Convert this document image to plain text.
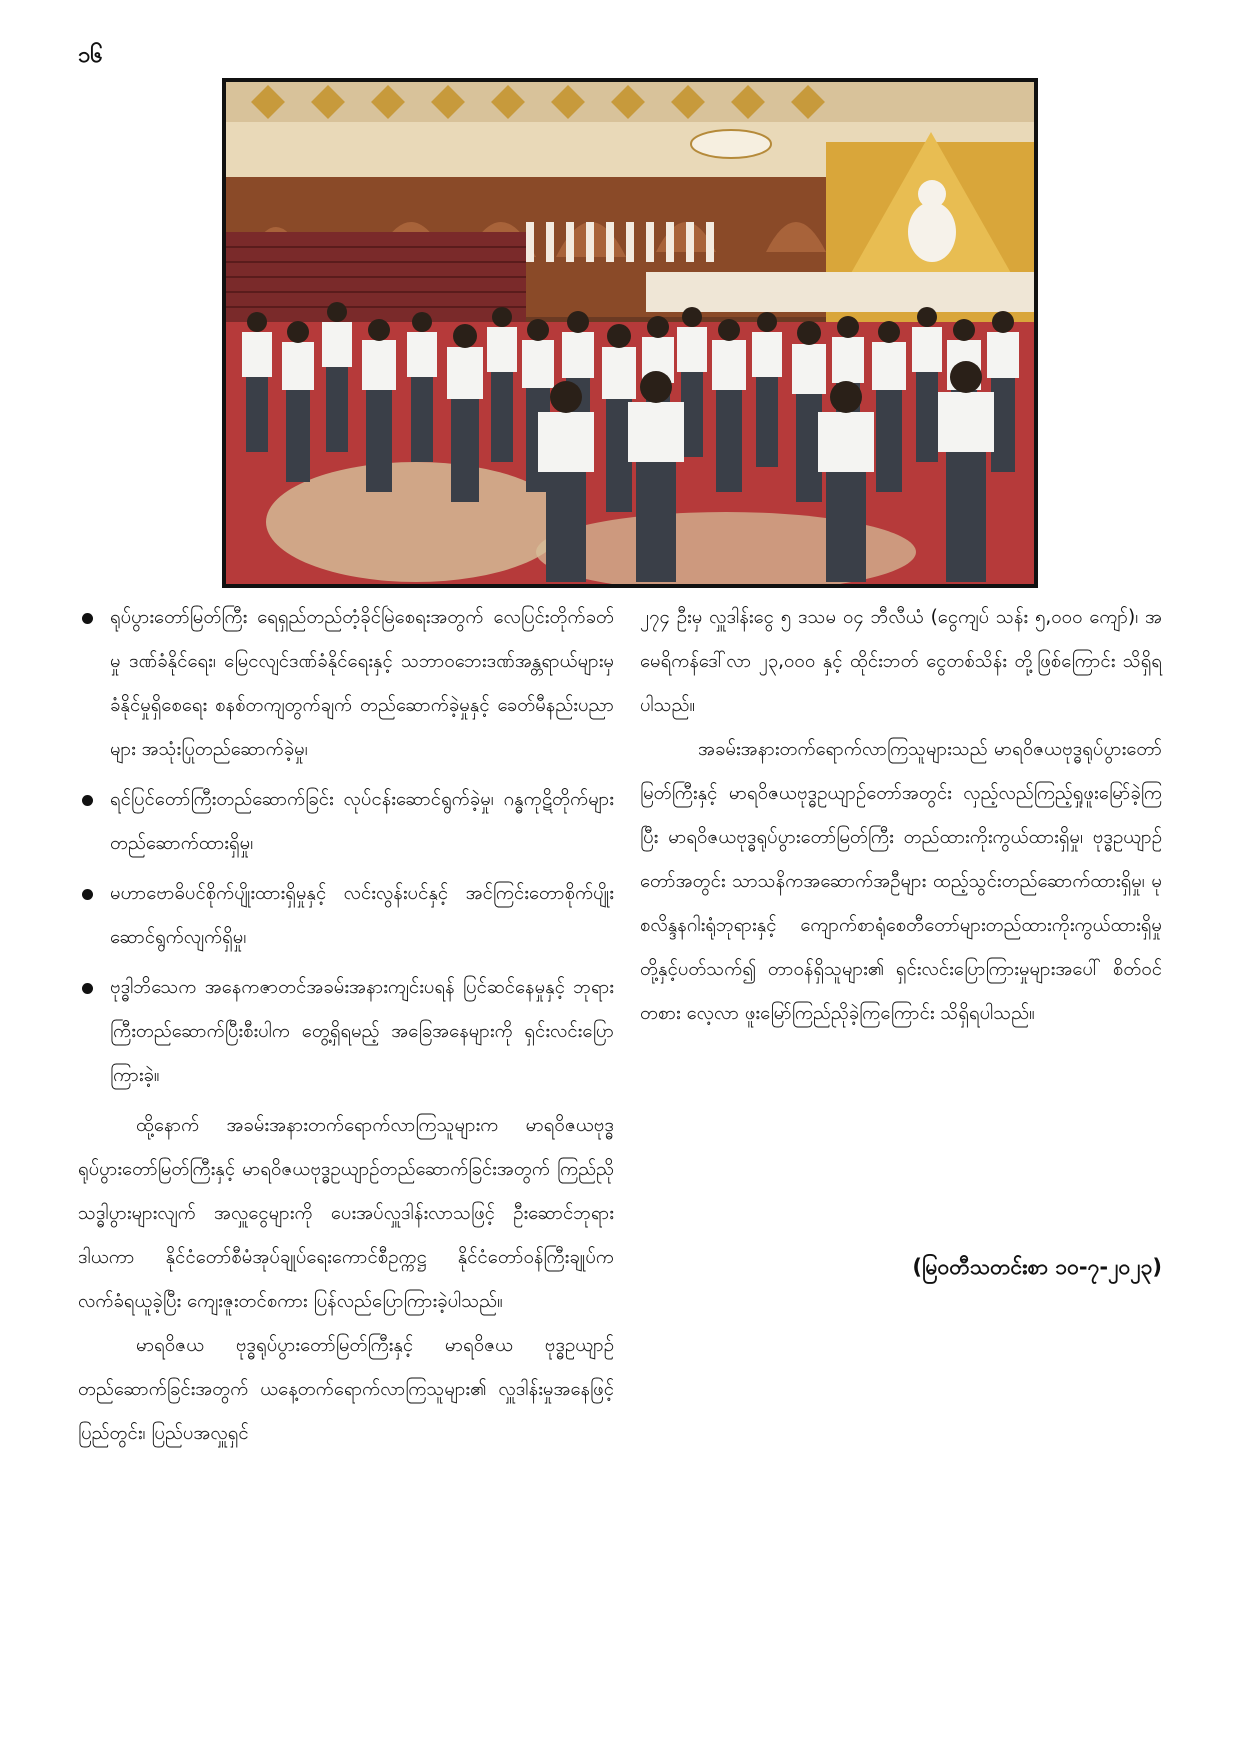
၁၆
ရုပ်ပွားတော်မြတ်ကြီး ရေရှည်တည်တံ့ခိုင်မြဲစေရးအတွက် လေပြင်းတိုက်ခတ်မှု ဒဏ်ခံနိုင်ရေး၊ မြေငလျင်ဒဏ်ခံနိုင်ရေးနှင့် သဘာဝဘေးဒဏ်အန္တရာယ်များမှ ခံနိုင်မှုရှိစေရေး စနစ်တကျတွက်ချက် တည်ဆောက်ခဲ့မှုနှင့် ခေတ်မီနည်းပညာများ အသုံးပြုတည်ဆောက်ခဲ့မှု၊
ရင်ပြင်တော်ကြီးတည်ဆောက်ခြင်း လုပ်ငန်းဆောင်ရွက်ခဲ့မှု၊ ဂန္ဓကုဋိတိုက်များ တည်ဆောက်ထားရှိမှု၊
မဟာဗောဓိပင်စိုက်ပျိုးထားရှိမှုနှင့် လင်းလွန်းပင်နှင့် အင်ကြင်းတောစိုက်ပျိုး ဆောင်ရွက်လျက်ရှိမှု၊
ဗုဒ္ဓါဘိသေက အနေကဇာတင်အခမ်းအနားကျင်းပရန် ပြင်ဆင်နေမှုနှင့် ဘုရားကြီးတည်ဆောက်ပြီးစီးပါက တွေ့ရှိရမည့် အခြေအနေများကို ရှင်းလင်းပြောကြားခဲ့။

ထို့နောက် အခမ်းအနားတက်ရောက်လာကြသူများက မာရဝိဇယဗုဒ္ဓရုပ်ပွားတော်မြတ်ကြီးနှင့် မာရဝိဇယဗုဒ္ဓဥယျာဉ်တည်ဆောက်ခြင်းအတွက် ကြည်ညိုသဒ္ဓါပွားများလျက် အလှူငွေများကို ပေးအပ်လှူဒါန်းလာသဖြင့် ဦးဆောင်ဘုရားဒါယကာ နိုင်ငံတော်စီမံအုပ်ချုပ်ရေးကောင်စီဥက္ကဋ္ဌ နိုင်ငံတော်ဝန်ကြီးချုပ်က လက်ခံရယူခဲ့ပြီး ကျေးဇူးတင်စကား ပြန်လည်ပြောကြားခဲ့ပါသည်။

မာရဝိဇယ ဗုဒ္ဓရုပ်ပွားတော်မြတ်ကြီးနှင့် မာရဝိဇယ ဗုဒ္ဓဥယျာဉ်တည်ဆောက်ခြင်းအတွက် ယနေ့တက်ရောက်လာကြသူများ၏ လှူဒါန်းမှုအနေဖြင့် ပြည်တွင်း၊ ပြည်ပအလှူရှင်

၂၇၄ ဦးမှ လှူဒါန်းငွေ ၅ ဒသမ ၀၄ ဘီလီယံ (ငွေကျပ် သန်း ၅,၀၀၀ ကျော်)၊ အမေရိကန်ဒေါ်လာ ၂၃,၀၀၀ နှင့် ထိုင်းဘတ် ငွေတစ်သိန်း တို့ဖြစ်ကြောင်း သိရှိရပါသည်။

အခမ်းအနားတက်ရောက်လာကြသူများသည် မာရဝိဇယဗုဒ္ဓရုပ်ပွားတော်မြတ်ကြီးနှင့် မာရဝိဇယဗုဒ္ဓဥယျာဉ်တော်အတွင်း လှည့်လည်ကြည့်ရှုဖူးမြော်ခဲ့ကြပြီး မာရဝိဇယဗုဒ္ဓရုပ်ပွားတော်မြတ်ကြီး တည်ထားကိုးကွယ်ထားရှိမှု၊ ဗုဒ္ဓဥယျာဉ်တော်အတွင်း သာသနိကအဆောက်အဦများ ထည့်သွင်းတည်ဆောက်ထားရှိမှု၊ မုစလိန္ဒနဂါးရုံဘုရားနှင့် ကျောက်စာရုံစေတီတော်များတည်ထားကိုးကွယ်ထားရှိမှုတို့နှင့်ပတ်သက်၍ တာဝန်ရှိသူများ၏ ရှင်းလင်းပြောကြားမှုများအပေါ် စိတ်ဝင်တစား လေ့လာ ဖူးမြော်ကြည်ညိုခဲ့ကြကြောင်း သိရှိရပါသည်။

(မြဝတီသတင်းစာ ၁၀-၇-၂၀၂၃)
